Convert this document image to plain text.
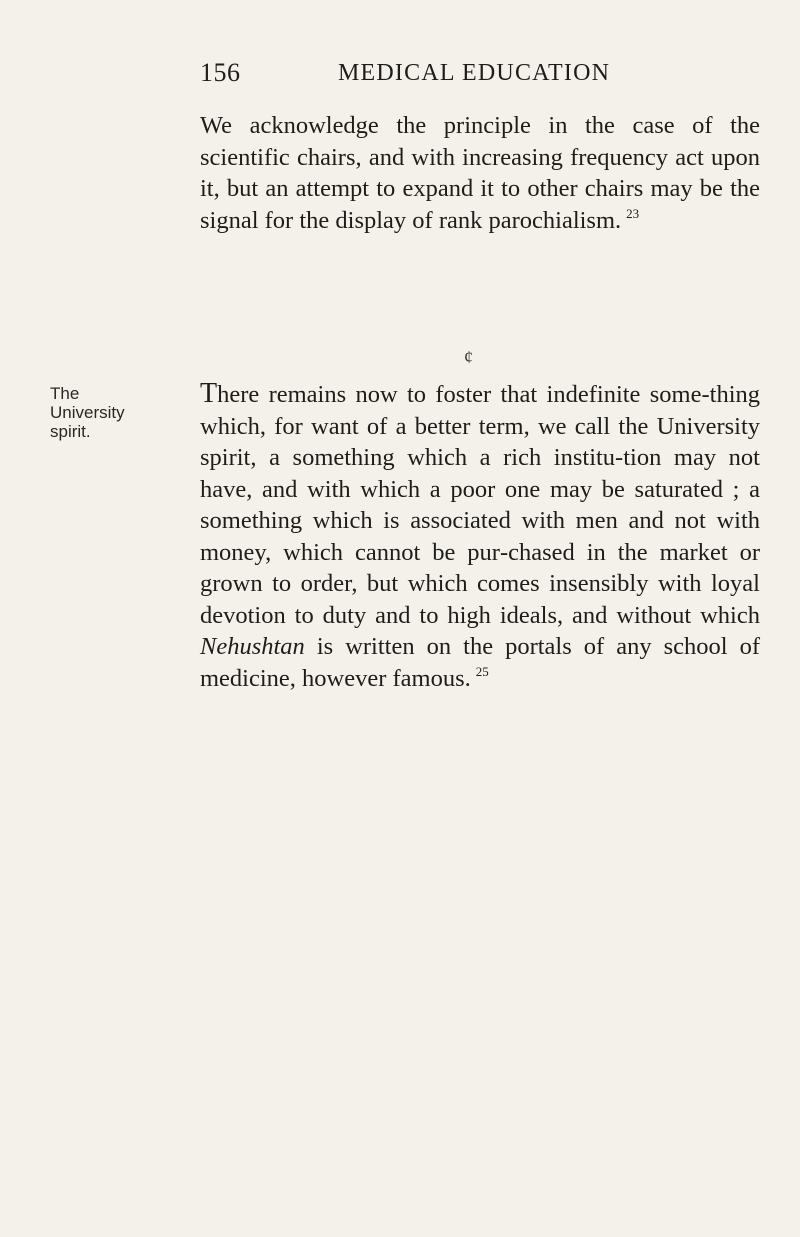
156	MEDICAL EDUCATION

We acknowledge the principle in the case of the scientific chairs, and with increasing frequency act upon it, but an attempt to expand it to other chairs may be the signal for the display of rank parochialism. $^{23}$

¢
The
University
spirit.

There remains now to foster that indefinite some‑thing which, for want of a better term, we call the University spirit, a something which a rich institu‑tion may not have, and with which a poor one may be saturated ; a something which is associated with men and not with money, which cannot be pur‑chased in the market or grown to order, but which comes insensibly with loyal devotion to duty and to high ideals, and without which Nehushtan is written on the portals of any school of medicine, however famous. $^{25}$
